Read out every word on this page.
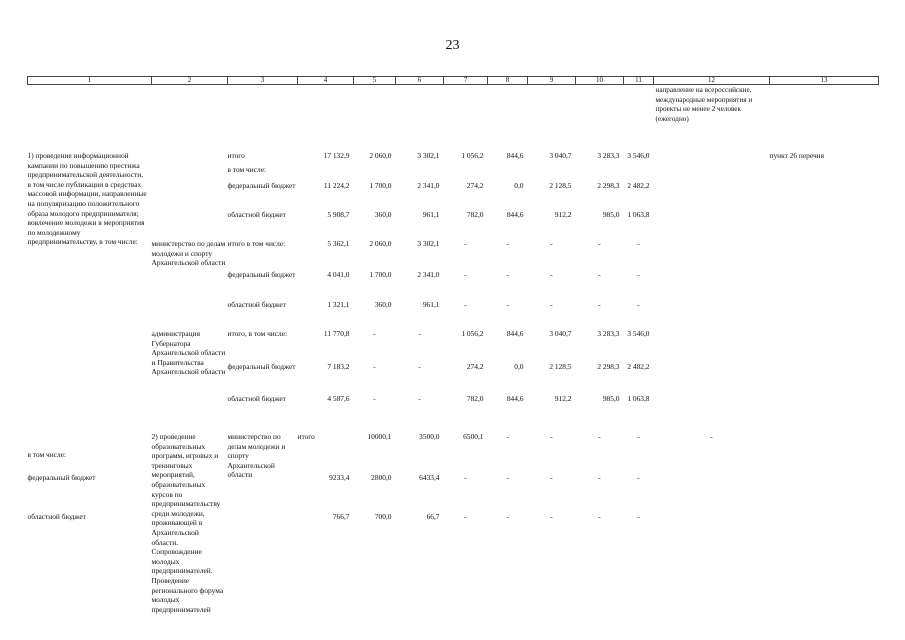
23
1	2	3	4	5	6	7	8	9	10	11	12	13	
											направление на всероссийские, международные мероприятия и проекты не менее 2 человек (ежегодно)		
1) проведение информационной кампании по повышению престижа предпринимательской деятельности, в том числе публикации в средствах массовой информации, направленные на популяризацию положительного образа молодого предпринимателя; вовлечение молодежи в мероприятия по молодежному предпринимательству, в том числе:		итого	17 132,9	2 060,0	3 302,1	1 056,2	844,6	3 040,7	3 283,3	3 546,0		пункт 26 перечня	
		в том числе:											
		федеральный бюджет	11 224,2	1 700,0	2 341,0	274,2	0,0	2 128,5	2 298,3	2 482,2			
		областной бюджет	5 908,7	360,0	961,1	782,0	844,6	912,2	985,0	1 063,8			
	министерство по делам молодежи и спорту Архангельской области	итого в том числе:	5 362,1	2 060,0	3 302,1	-	-	-	-	-			
		федеральный бюджет	4 041,0	1 700,0	2 341,0	-	-	-	-	-			
		областной бюджет	1 321,1	360,0	961,1	-	-	-	-	-			
	администрация Губернатора Архангельской области и Правительства Архангельской области	итого, в том числе:	11 770,8	-	-	1 056,2	844,6	3 040,7	3 283,3	3 546,0			
		федеральный бюджет	7 183,2	-	-	274,2	0,0	2 128,5	2 298,3	2 482,2			
		областной бюджет	4 587,6	-	-	782,0	844,6	912,2	985,0	1 063,8			
	2) проведение образовательных программ, игровых и тренинговых мероприятий, образовательных курсов по предпринимательству среди молодежи, проживающей в Архангельской области. Сопровождение молодых предпринимателей. Проведение регионального форума молодых предпринимателей	министерство по делам молодежи и спорту Архангельской области	итого	10000,1	3500,0	6500,1	-	-	-	-	-		
в том числе:													
федеральный бюджет			9233,4	2800,0	6433,4	-	-	-	-	-			
областной бюджет			766,7	700,0	66,7	-	-	-	-	-			
